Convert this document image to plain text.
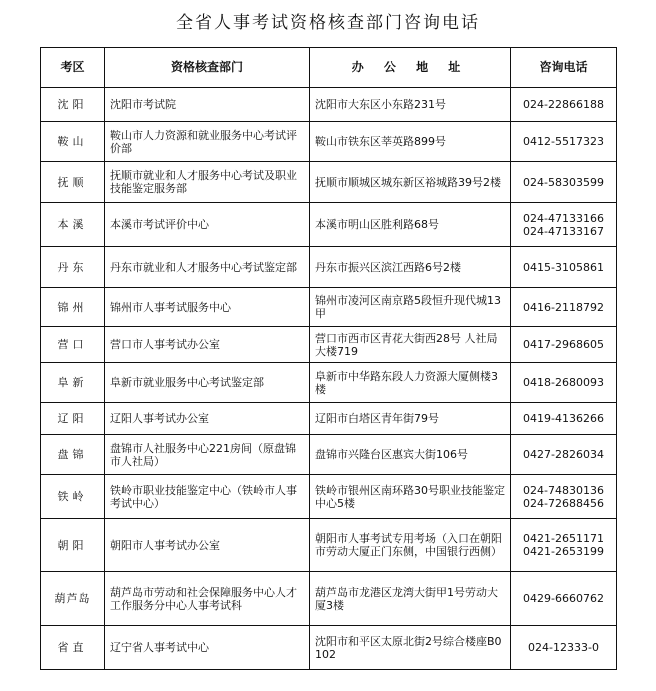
全省人事考试资格核查部门咨询电话
考区	资格核查部门	办 公 地 址	咨询电话
沈阳	沈阳市考试院	沈阳市大东区小东路231号	024-22866188

鞍山	鞍山市人力资源和就业服务中心考试评价部	鞍山市铁东区莘英路899号	0412-5517323

抚顺	抚顺市就业和人才服务中心考试及职业技能鉴定服务部	抚顺市顺城区城东新区裕城路39号2楼	024-58303599

本溪	本溪市考试评价中心	本溪市明山区胜利路68号	024-47133166
024-47133167

丹东	丹东市就业和人才服务中心考试鉴定部	丹东市振兴区滨江西路6号2楼	0415-3105861

锦州	锦州市人事考试服务中心	锦州市凌河区南京路5段恒升现代城13甲	0416-2118792

营口	营口市人事考试办公室	营口市西市区青花大街西28号 人社局大楼719	0417-2968605

阜新	阜新市就业服务中心考试鉴定部	阜新市中华路东段人力资源大厦侧楼3楼	0418-2680093

辽阳	辽阳人事考试办公室	辽阳市白塔区青年街79号	0419-4136266

盘锦	盘锦市人社服务中心221房间（原盘锦市人社局）	盘锦市兴隆台区惠宾大街106号	0427-2826034

铁岭	铁岭市职业技能鉴定中心（铁岭市人事考试中心）	铁岭市银州区南环路30号职业技能鉴定中心5楼	024-74830136
024-72688456

朝阳	朝阳市人事考试办公室	朝阳市人事考试专用考场（入口在朝阳市劳动大厦正门东侧，中国银行西侧）	0421-2651171
0421-2653199

葫芦岛	葫芦岛市劳动和社会保障服务中心人才工作服务分中心人事考试科	葫芦岛市龙港区龙湾大街甲1号劳动大厦3楼	0429-6660762

省直	辽宁省人事考试中心	沈阳市和平区太原北街2号综合楼座B0102	024-12333-0
